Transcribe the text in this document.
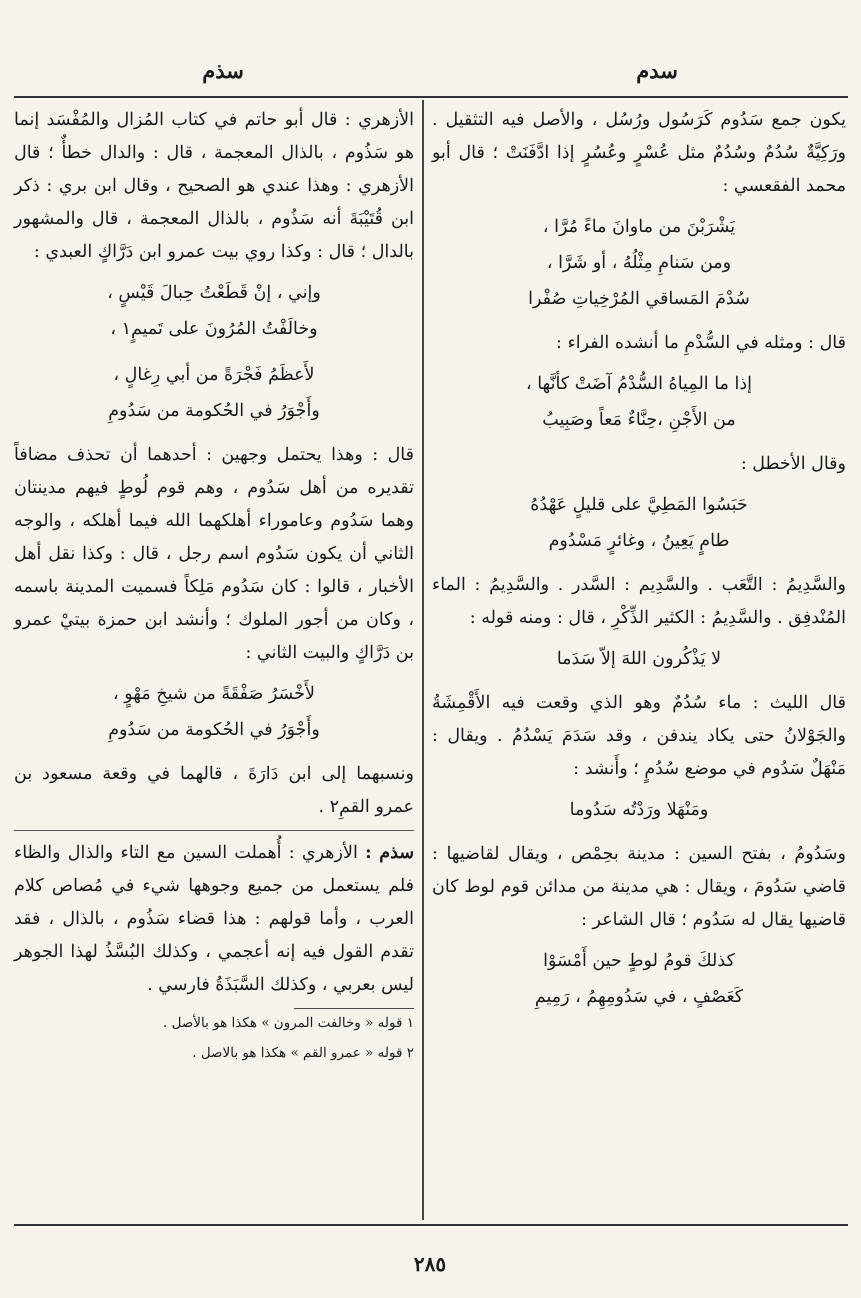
سدم
سذم

يكون جمع سَدُوم كَرَسُول ورُسُل ، والأصل فيه التثقيل . ورَكِيَّةٌ سُدُمٌ وسُدُمٌ مثل عُسْرٍ وعُسُرٍ إذا ادَّفَنَتْ ؛ قال أبو محمد الفقعسي :

يَشْرَبْنَ من ماوانَ ماءً مُرَّا ،
ومن سَنامِ مِثْلُهُ ، أو شَرَّا ،
سُدْمَ المَساقي المُرْخِياتِ صُفْرا

قال : ومثله في السُّدْمِ ما أنشده الفراء :

إذا ما المِياهُ السُّدْمُ آضَتْ كأنَّها ،
من الأَجْنِ ،حِنَّاءٌ مَعاً وصَبِيبُ

وقال الأخطل :

حَبَسُوا المَطِيَّ على قليلٍ عَهْدُهُ
طامٍ يَعِينُ ، وغائرٍ مَسْدُوم

والسَّدِيمُ : التَّعَب . والسَّدِيم : السَّدر . والسَّدِيمُ : الماء المُنْدفِق . والسَّدِيمُ : الكثير الذِّكْرِ ، قال : ومنه قوله :

لا يَذْكُرون اللهَ إلاّ سَدَما

قال الليث : ماء سُدُمٌ وهو الذي وقعت فيه الأَقْمِشَةُ والجَوْلانُ حتى يكاد يندفن ، وقد سَدَمَ يَسْدُمُ . ويقال : مَنْهَلٌ سَدُوم في موضع سُدُمٍ ؛ وأَنشد :

ومَنْهَلا ورَدْتُه سَدُوما

وسَدُومُ ، بفتح السين : مدينة بحِمْص ، ويقال لقاضيها : قاضي سَدُومَ ، ويقال : هي مدينة من مدائن قوم لوط كان قاضيها يقال له سَدُوم ؛ قال الشاعر :

كذلكَ قومُ لوطٍ حين أَمْسَوْا
كَعَصْفٍ ، في سَدُومِهِمُ ، رَمِيمِ

الأزهري : قال أبو حاتم في كتاب المُزال والمُفْسَد إنما هو سَذُوم ، بالذال المعجمة ، قال : والدال خطأٌ ؛ قال الأزهري : وهذا عندي هو الصحيح ، وقال ابن بري : ذكر ابن قُتَيْبَةَ أنه سَذُوم ، بالذال المعجمة ، قال والمشهور بالدال ؛ قال : وكذا روي بيت عمرو ابن دَرَّاكٍ العبدي :

وإني ، إنْ قَطَعْتُ حِبالَ قَيْسٍ ،
وخالَفْتُ المُرُونَ على تَميمٍ١ ،
لأَعظَمُ فَجْرَةً من أبي رِغالٍ ،
وأَجْوَرُ في الحُكومة من سَدُومِ

قال : وهذا يحتمل وجهين : أحدهما أن تحذف مضافاً تقديره من أهل سَدُوم ، وهم قوم لُوطٍ فيهم مدينتان وهما سَدُوم وعاموراء أهلكهما الله فيما أهلكه ، والوجه الثاني أن يكون سَدُوم اسم رجل ، قال : وكذا نقل أهل الأخبار ، قالوا : كان سَدُوم مَلِكاً فسميت المدينة باسمه ، وكان من أجور الملوك ؛ وأنشد ابن حمزة بيتيْ عمرو بن دَرَّاكٍ والبيت الثاني :

لأَخْسَرُ صَفْقَةً من شيخِ مَهْوٍ ،
وأَجْوَرُ في الحُكومة من سَدُومِ

ونسبهما إلى ابن دَارَةَ ، قالهما في وقعة مسعود بن عمرو القمِ٢ .

سذم : الأزهري : أُهملت السين مع التاء والذال والظاء فلم يستعمل من جميع وجوهها شيء في مُصاص كلام العرب ، وأما قولهم : هذا قضاء سَذُوم ، بالذال ، فقد تقدم القول فيه إنه أعجمي ، وكذلك البُسَّذُ لهذا الجوهر ليس بعربي ، وكذلك السَّبَذَةُ فارسي .

١ قوله « وخالفت المرون » هكذا هو بالأصل .

٢ قوله « عمرو القم » هكذا هو بالاصل .

٢٨٥
